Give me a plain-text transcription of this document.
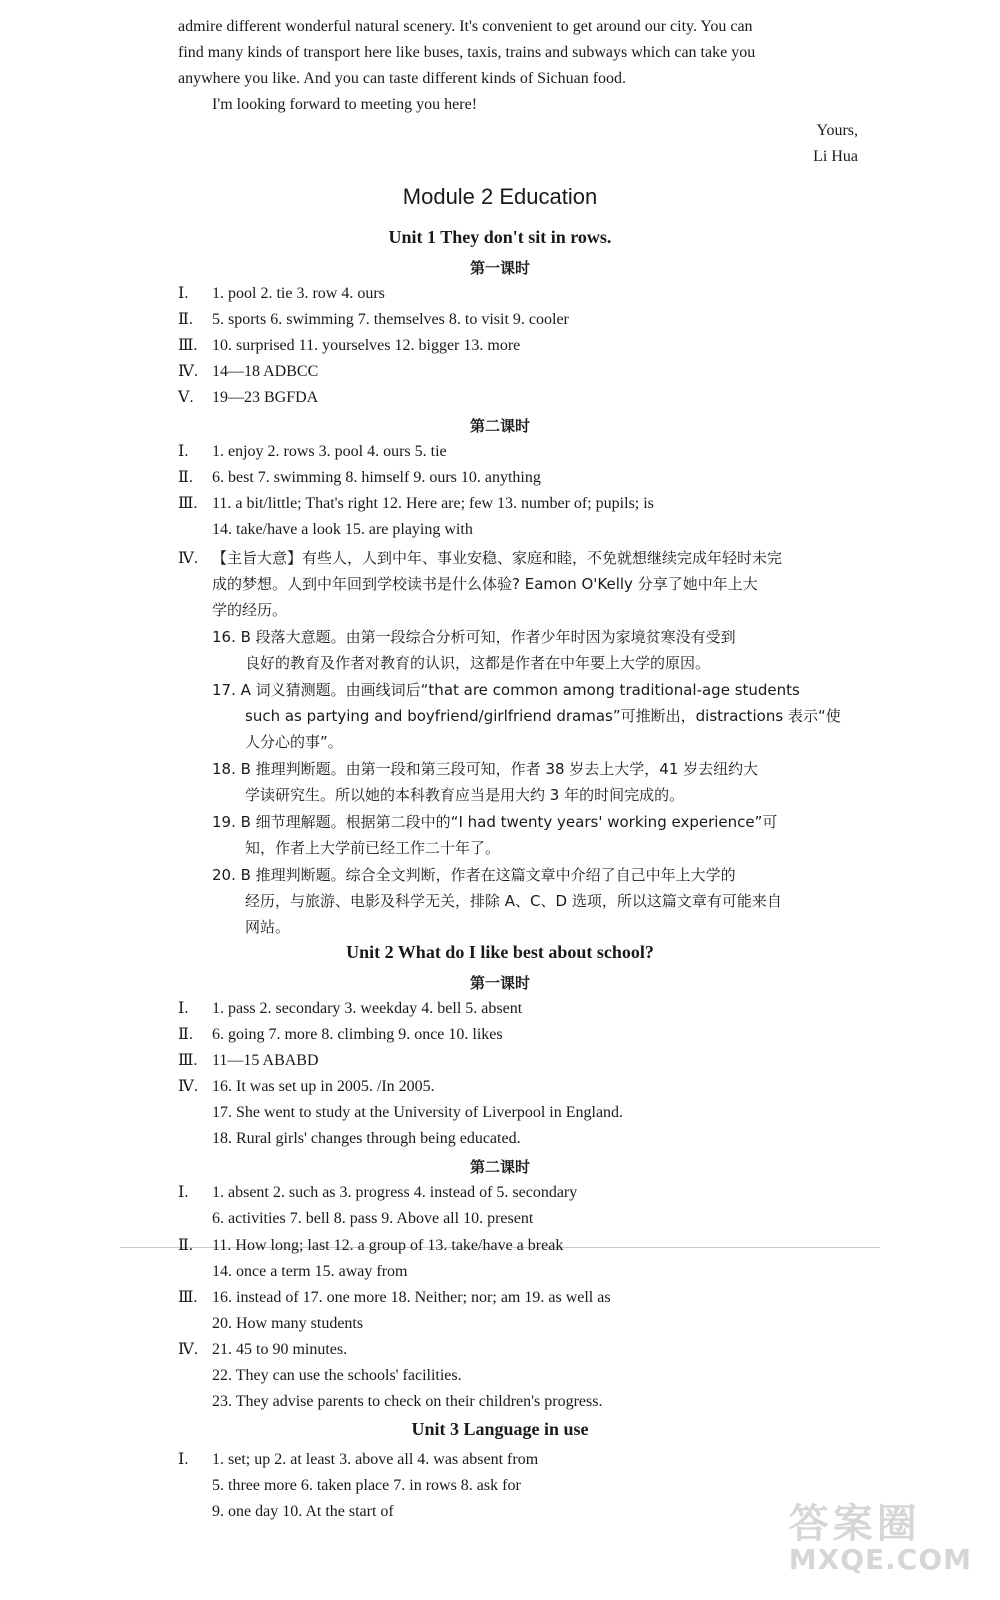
admire different wonderful natural scenery. It's convenient to get around our city. You can
find many kinds of transport here like buses, taxis, trains and subways which can take you
anywhere you like. And you can taste different kinds of Sichuan food.
I'm looking forward to meeting you here!
Yours,
Li Hua
Module 2 Education
Unit 1 They don't sit in rows.
第一课时
Ⅰ. 1. pool 2. tie 3. row 4. ours
Ⅱ. 5. sports 6. swimming 7. themselves 8. to visit 9. cooler
Ⅲ. 10. surprised 11. yourselves 12. bigger 13. more
Ⅳ. 14—18 ADBCC
Ⅴ. 19—23 BGFDA
第二课时
Ⅰ. 1. enjoy 2. rows 3. pool 4. ours 5. tie
Ⅱ. 6. best 7. swimming 8. himself 9. ours 10. anything
Ⅲ. 11. a bit/little; That's right 12. Here are; few 13. number of; pupils; is
14. take/have a look 15. are playing with
Ⅳ. 【主旨大意】有些人，人到中年、事业安稳、家庭和睦，不免就想继续完成年轻时未完
成的梦想。人到中年回到学校读书是什么体验? Eamon O'Kelly 分享了她中年上大
学的经历。
16. B 段落大意题。由第一段综合分析可知，作者少年时因为家境贫寒没有受到
良好的教育及作者对教育的认识，这都是作者在中年要上大学的原因。
17. A 词义猜测题。由画线词后“that are common among traditional-age students
such as partying and boyfriend/girlfriend dramas”可推断出，distractions 表示“使
人分心的事”。
18. B 推理判断题。由第一段和第三段可知，作者 38 岁去上大学，41 岁去纽约大
学读研究生。所以她的本科教育应当是用大约 3 年的时间完成的。
19. B 细节理解题。根据第二段中的“I had twenty years' working experience”可
知，作者上大学前已经工作二十年了。
20. B 推理判断题。综合全文判断，作者在这篇文章中介绍了自己中年上大学的
经历，与旅游、电影及科学无关，排除 A、C、D 选项，所以这篇文章有可能来自
网站。
Unit 2 What do I like best about school?
第一课时
Ⅰ. 1. pass 2. secondary 3. weekday 4. bell 5. absent
Ⅱ. 6. going 7. more 8. climbing 9. once 10. likes
Ⅲ. 11—15 ABABD
Ⅳ. 16. It was set up in 2005. /In 2005.
17. She went to study at the University of Liverpool in England.
18. Rural girls' changes through being educated.
第二课时
Ⅰ. 1. absent 2. such as 3. progress 4. instead of 5. secondary
6. activities 7. bell 8. pass 9. Above all 10. present
Ⅱ. 11. How long; last 12. a group of 13. take/have a break
14. once a term 15. away from
Ⅲ. 16. instead of 17. one more 18. Neither; nor; am 19. as well as
20. How many students
Ⅳ. 21. 45 to 90 minutes.
22. They can use the schools' facilities.
23. They advise parents to check on their children's progress.
Unit 3 Language in use
Ⅰ. 1. set; up 2. at least 3. above all 4. was absent from
5. three more 6. taken place 7. in rows 8. ask for
9. one day 10. At the start of	答案圈
MXQE.COM
